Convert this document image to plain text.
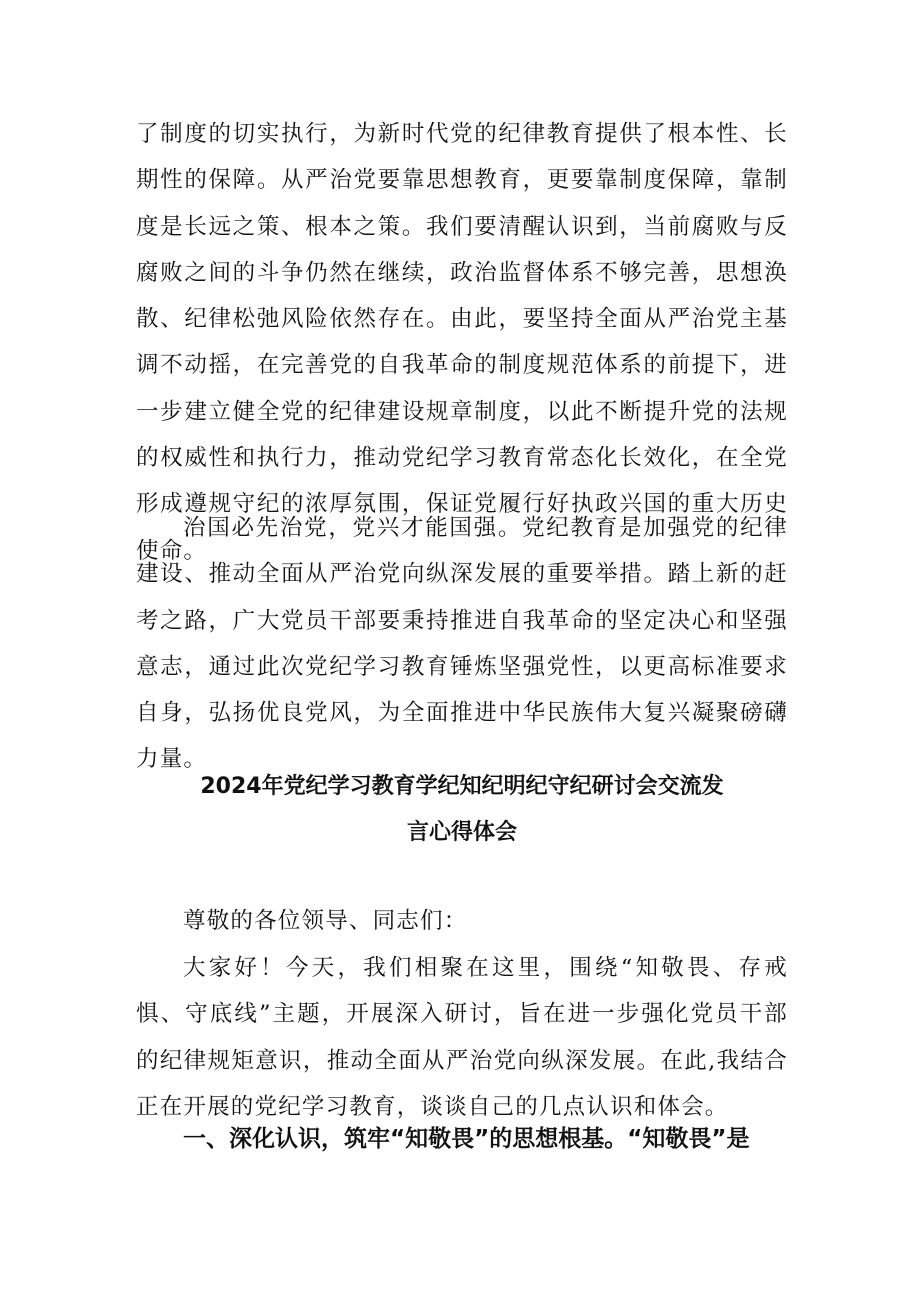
了制度的切实执行，为新时代党的纪律教育提供了根本性、长期性的保障。从严治党要靠思想教育，更要靠制度保障，靠制度是长远之策、根本之策。我们要清醒认识到，当前腐败与反腐败之间的斗争仍然在继续，政治监督体系不够完善，思想涣散、纪律松弛风险依然存在。由此，要坚持全面从严治党主基调不动摇，在完善党的自我革命的制度规范体系的前提下，进一步建立健全党的纪律建设规章制度，以此不断提升党的法规的权威性和执行力，推动党纪学习教育常态化长效化，在全党形成遵规守纪的浓厚氛围，保证党履行好执政兴国的重大历史使命。

治国必先治党，党兴才能国强。党纪教育是加强党的纪律建设、推动全面从严治党向纵深发展的重要举措。踏上新的赶考之路，广大党员干部要秉持推进自我革命的坚定决心和坚强意志，通过此次党纪学习教育锤炼坚强党性，以更高标准要求自身，弘扬优良党风，为全面推进中华民族伟大复兴凝聚磅礴力量。

2024年党纪学习教育学纪知纪明纪守纪研讨会交流发

言心得体会

尊敬的各位领导、同志们：

大家好！今天，我们相聚在这里，围绕“知敬畏、存戒惧、守底线”主题，开展深入研讨，旨在进一步强化党员干部的纪律规矩意识，推动全面从严治党向纵深发展。在此,我结合正在开展的党纪学习教育，谈谈自己的几点认识和体会。

一、深化认识，筑牢“知敬畏”的思想根基。“知敬畏”是
